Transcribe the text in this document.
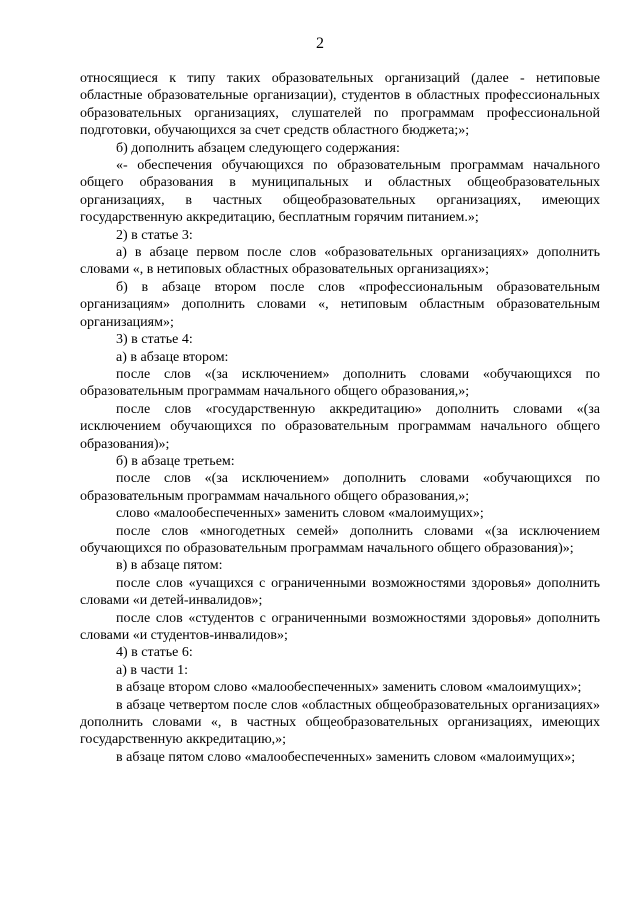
2

относящиеся к типу таких образовательных организаций (далее - нетиповые областные образовательные организации), студентов в областных профессиональных образовательных организациях, слушателей по программам профессиональной подготовки, обучающихся за счет средств областного бюджета;»;

б) дополнить абзацем следующего содержания:

«- обеспечения обучающихся по образовательным программам начального общего образования в муниципальных и областных общеобразовательных организациях, в частных общеобразовательных организациях, имеющих государственную аккредитацию, бесплатным горячим питанием.»;

2) в статье 3:

а) в абзаце первом после слов «образовательных организациях» дополнить словами «, в нетиповых областных образовательных организациях»;

б) в абзаце втором после слов «профессиональным образовательным организациям» дополнить словами «, нетиповым областным образовательным организациям»;

3) в статье 4:

а) в абзаце втором:

после слов «(за исключением» дополнить словами «обучающихся по образовательным программам начального общего образования,»;

после слов «государственную аккредитацию» дополнить словами «(за исключением обучающихся по образовательным программам начального общего образования)»;

б) в абзаце третьем:

после слов «(за исключением» дополнить словами «обучающихся по образовательным программам начального общего образования,»;

слово «малообеспеченных» заменить словом «малоимущих»;

после слов «многодетных семей» дополнить словами «(за исключением обучающихся по образовательным программам начального общего образования)»;

в) в абзаце пятом:

после слов «учащихся с ограниченными возможностями здоровья» дополнить словами «и детей-инвалидов»;

после слов «студентов с ограниченными возможностями здоровья» дополнить словами «и студентов-инвалидов»;

4) в статье 6:

а) в части 1:

в абзаце втором слово «малообеспеченных» заменить словом «малоимущих»;

в абзаце четвертом после слов «областных общеобразовательных организациях» дополнить словами «, в частных общеобразовательных организациях, имеющих государственную аккредитацию,»;

в абзаце пятом слово «малообеспеченных» заменить словом «малоимущих»;
